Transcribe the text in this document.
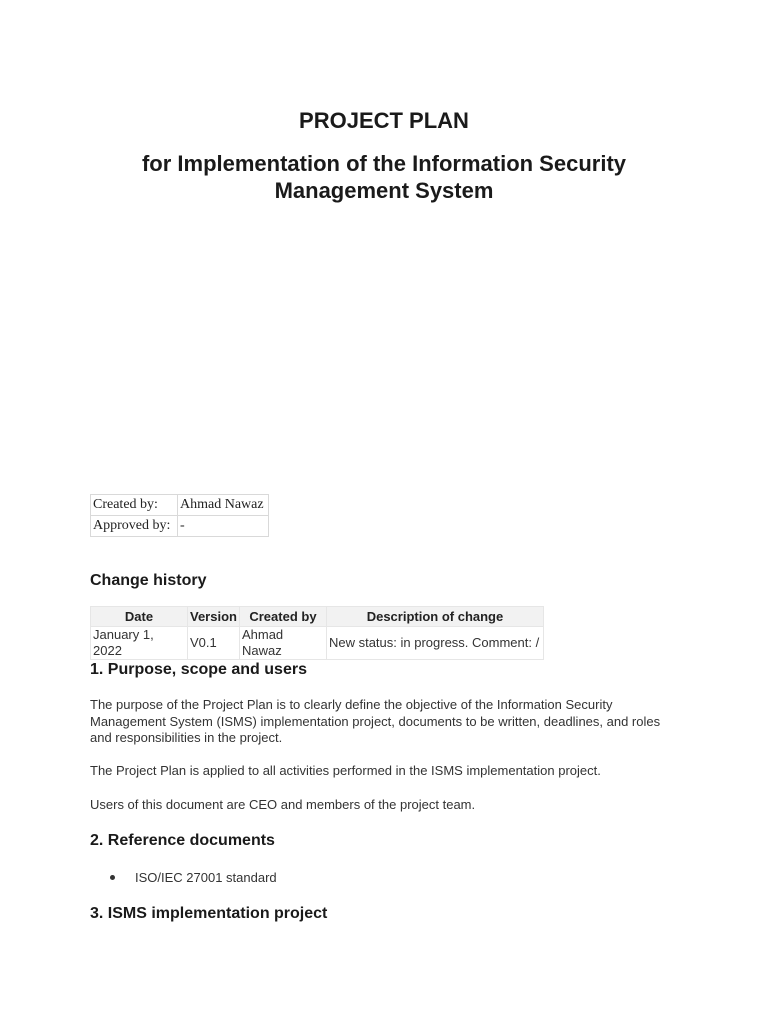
PROJECT PLAN
for Implementation of the Information Security Management System
Created by:	Ahmad Nawaz
Approved by:	-
Change history
Date	Version	Created by	Description of change
January 1, 2022	V0.1	Ahmad Nawaz	New status: in progress. Comment: /
1. Purpose, scope and users

The purpose of the Project Plan is to clearly define the objective of the Information Security Management System (ISMS) implementation project, documents to be written, deadlines, and roles and responsibilities in the project.

The Project Plan is applied to all activities performed in the ISMS implementation project.

Users of this document are CEO and members of the project team.

2. Reference documents
ISO/IEC 27001 standard
3. ISMS implementation project
